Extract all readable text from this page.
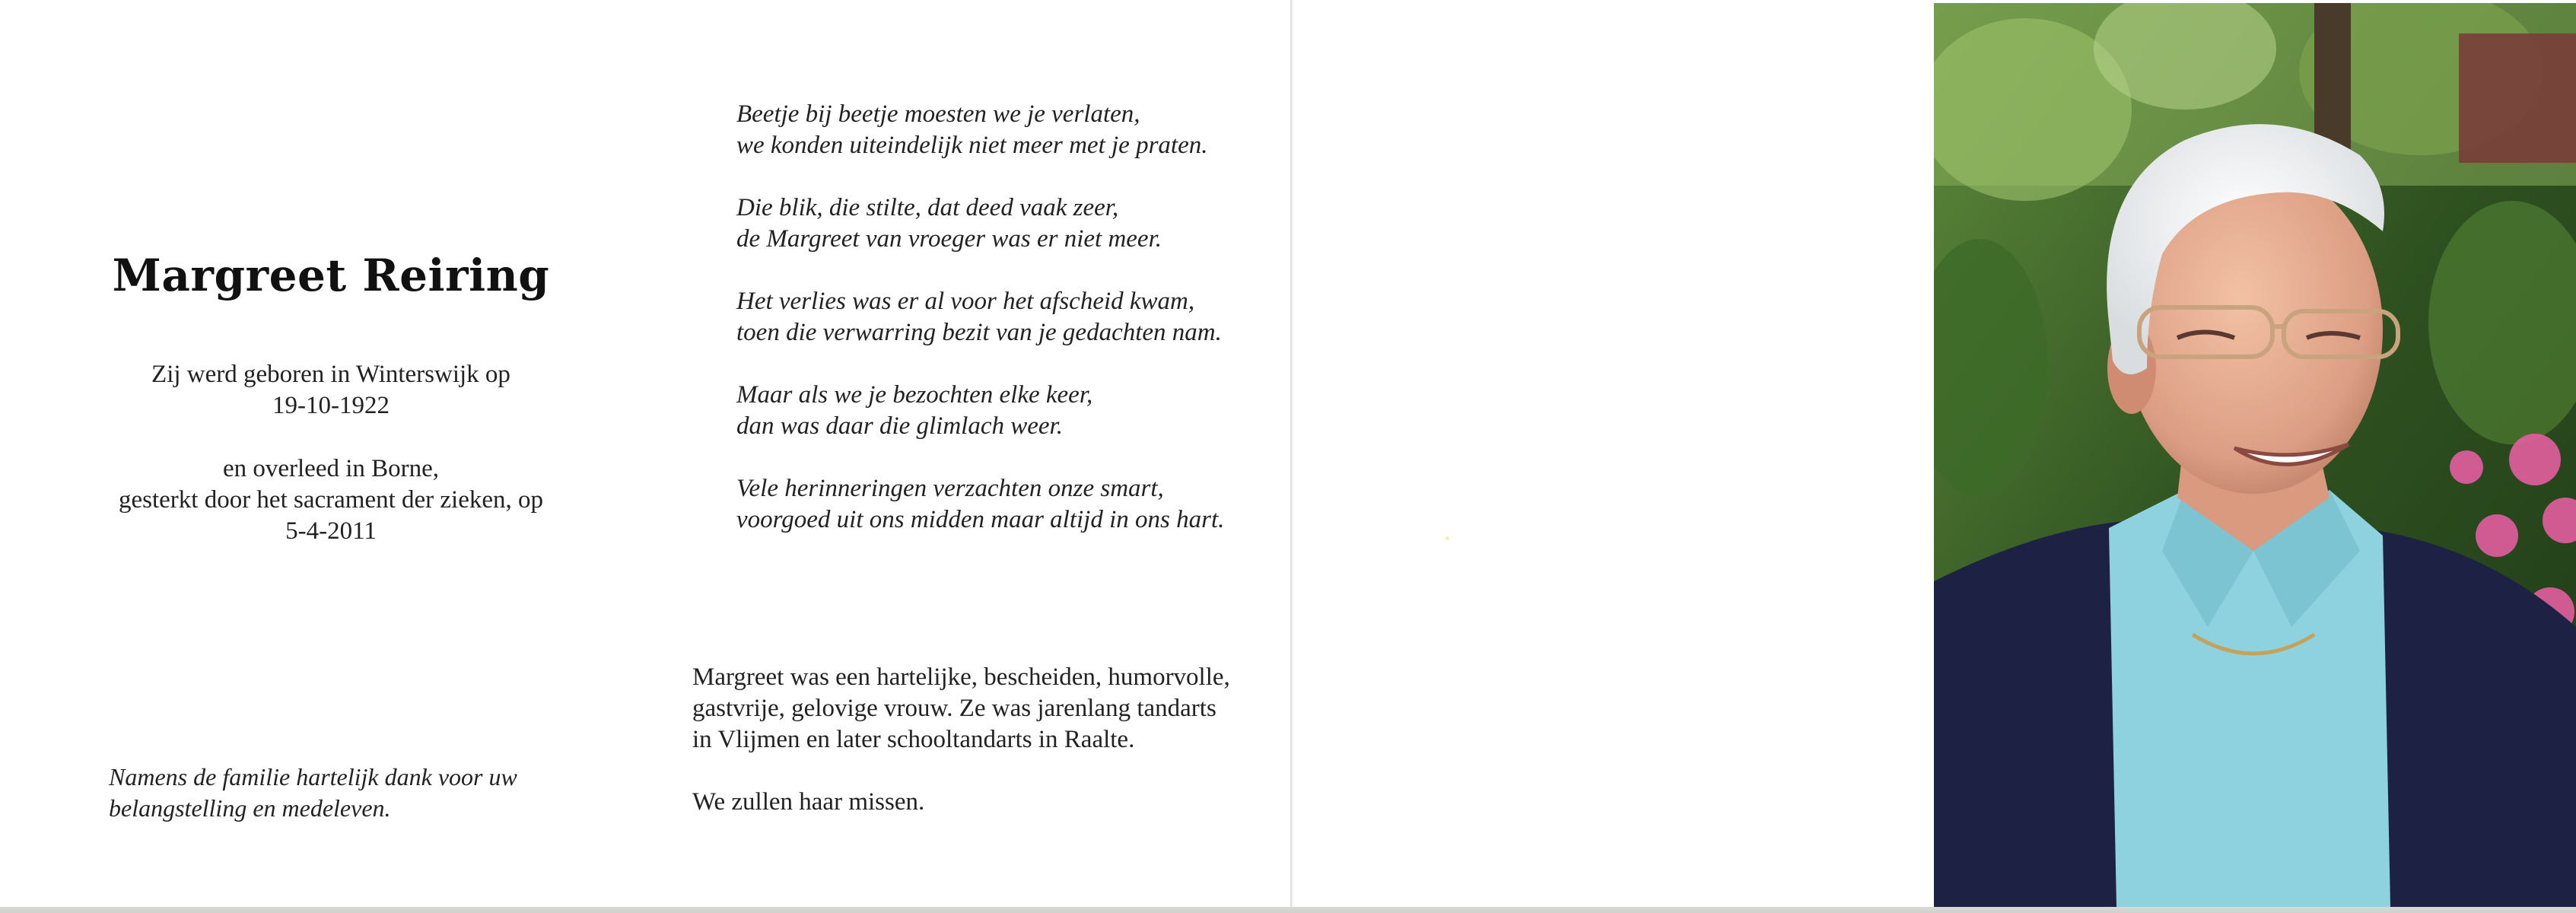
Margreet Reiring
Zij werd geboren in Winterswijk op
19-10-1922
en overleed in Borne,
gesterkt door het sacrament der zieken, op
5-4-2011
Namens de familie hartelijk dank voor uw
belangstelling en medeleven.
Beetje bij beetje moesten we je verlaten,
we konden uiteindelijk niet meer met je praten.
Die blik, die stilte, dat deed vaak zeer,
de Margreet van vroeger was er niet meer.
Het verlies was er al voor het afscheid kwam,
toen die verwarring bezit van je gedachten nam.
Maar als we je bezochten elke keer,
dan was daar die glimlach weer.
Vele herinneringen verzachten onze smart,
voorgoed uit ons midden maar altijd in ons hart.
Margreet was een hartelijke, bescheiden, humorvolle,
gastvrije, gelovige vrouw. Ze was jarenlang tandarts
in Vlijmen en later schooltandarts in Raalte.
We zullen haar missen.
